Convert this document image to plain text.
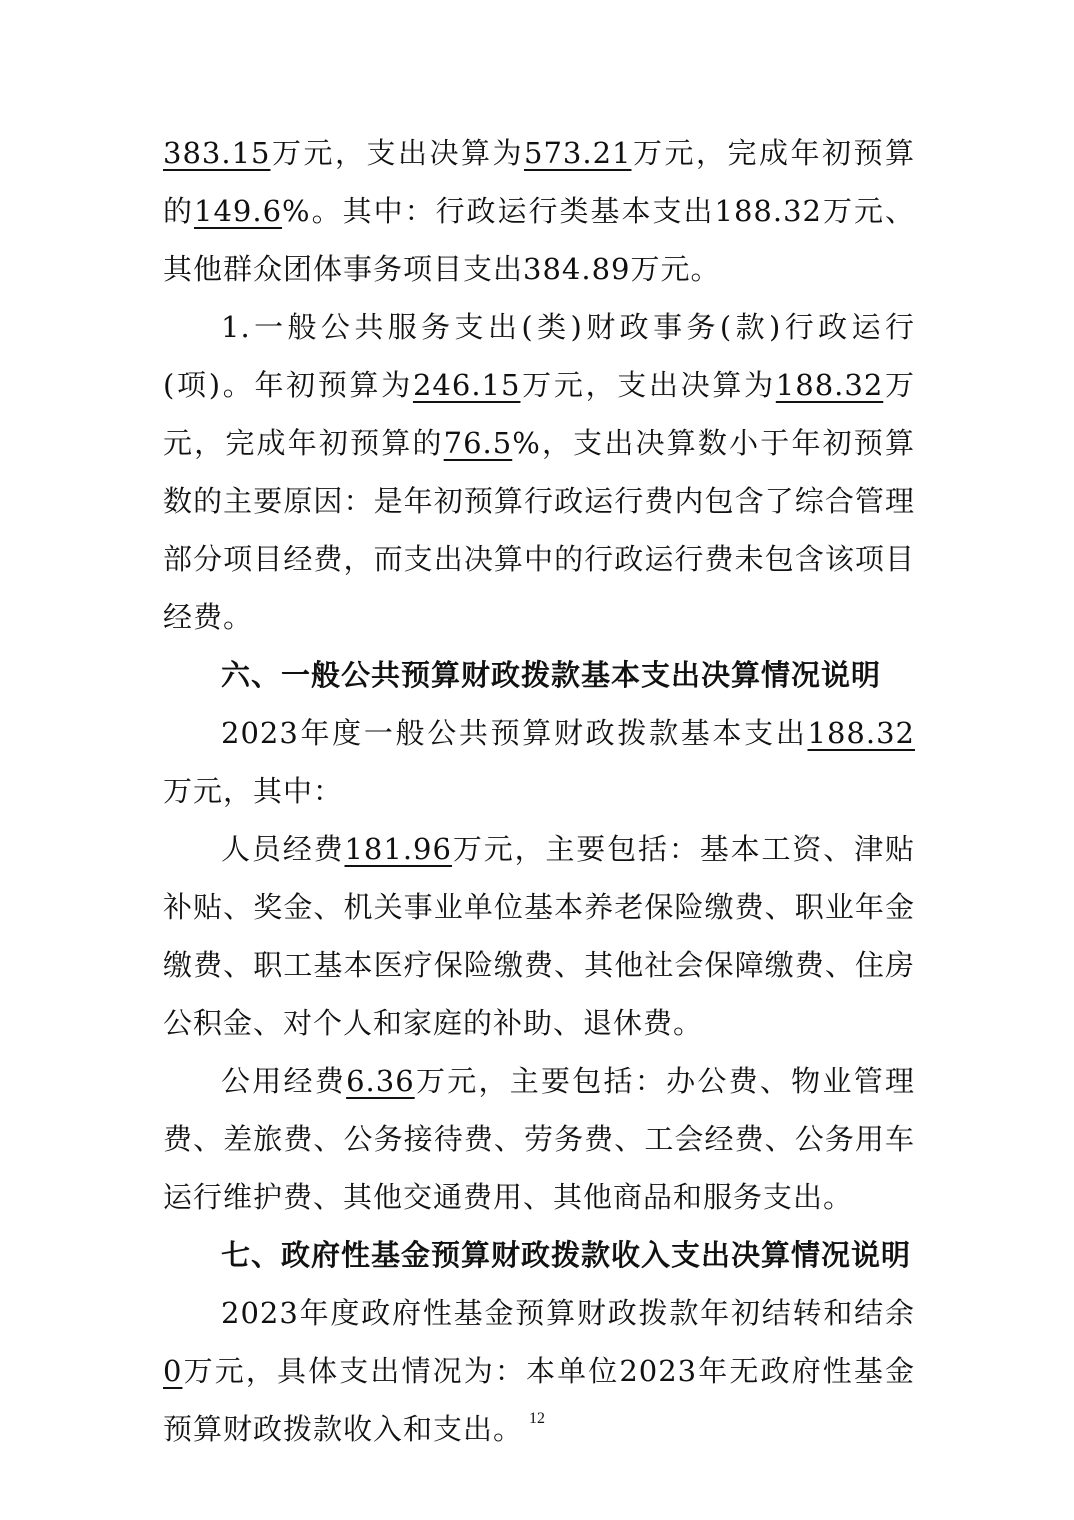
383.15万元，支出决算为573.21万元，完成年初预算的149.6%。其中：行政运行类基本支出188.32万元、其他群众团体事务项目支出384.89万元。

1.一般公共服务支出(类)财政事务(款)行政运行(项)。年初预算为246.15万元，支出决算为188.32万元，完成年初预算的76.5%，支出决算数小于年初预算数的主要原因：是年初预算行政运行费内包含了综合管理部分项目经费，而支出决算中的行政运行费未包含该项目经费。

六、一般公共预算财政拨款基本支出决算情况说明

2023年度一般公共预算财政拨款基本支出188.32万元，其中：

人员经费181.96万元，主要包括：基本工资、津贴补贴、奖金、机关事业单位基本养老保险缴费、职业年金缴费、职工基本医疗保险缴费、其他社会保障缴费、住房公积金、对个人和家庭的补助、退休费。

公用经费6.36万元，主要包括：办公费、物业管理费、差旅费、公务接待费、劳务费、工会经费、公务用车运行维护费、其他交通费用、其他商品和服务支出。

七、政府性基金预算财政拨款收入支出决算情况说明

2023年度政府性基金预算财政拨款年初结转和结余0万元，具体支出情况为：本单位2023年无政府性基金预算财政拨款收入和支出。 12
